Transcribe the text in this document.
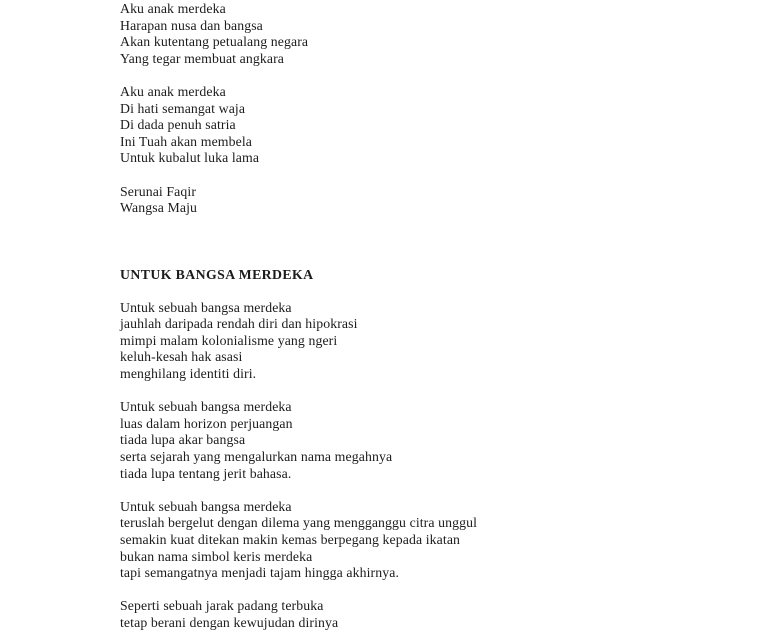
Aku anak merdeka
Harapan nusa dan bangsa
Akan kutentang petualang negara
Yang tegar membuat angkara
Aku anak merdeka
Di hati semangat waja
Di dada penuh satria
Ini Tuah akan membela
Untuk kubalut luka lama
Serunai Faqir
Wangsa Maju
UNTUK BANGSA MERDEKA
Untuk sebuah bangsa merdeka
jauhlah daripada rendah diri dan hipokrasi
mimpi malam kolonialisme yang ngeri
keluh-kesah hak asasi
menghilang identiti diri.
Untuk sebuah bangsa merdeka
luas dalam horizon perjuangan
tiada lupa akar bangsa
serta sejarah yang mengalurkan nama megahnya
tiada lupa tentang jerit bahasa.
Untuk sebuah bangsa merdeka
teruslah bergelut dengan dilema yang mengganggu citra unggul
semakin kuat ditekan makin kemas berpegang kepada ikatan
bukan nama simbol keris merdeka
tapi semangatnya menjadi tajam hingga akhirnya.
Seperti sebuah jarak padang terbuka
tetap berani dengan kewujudan dirinya
